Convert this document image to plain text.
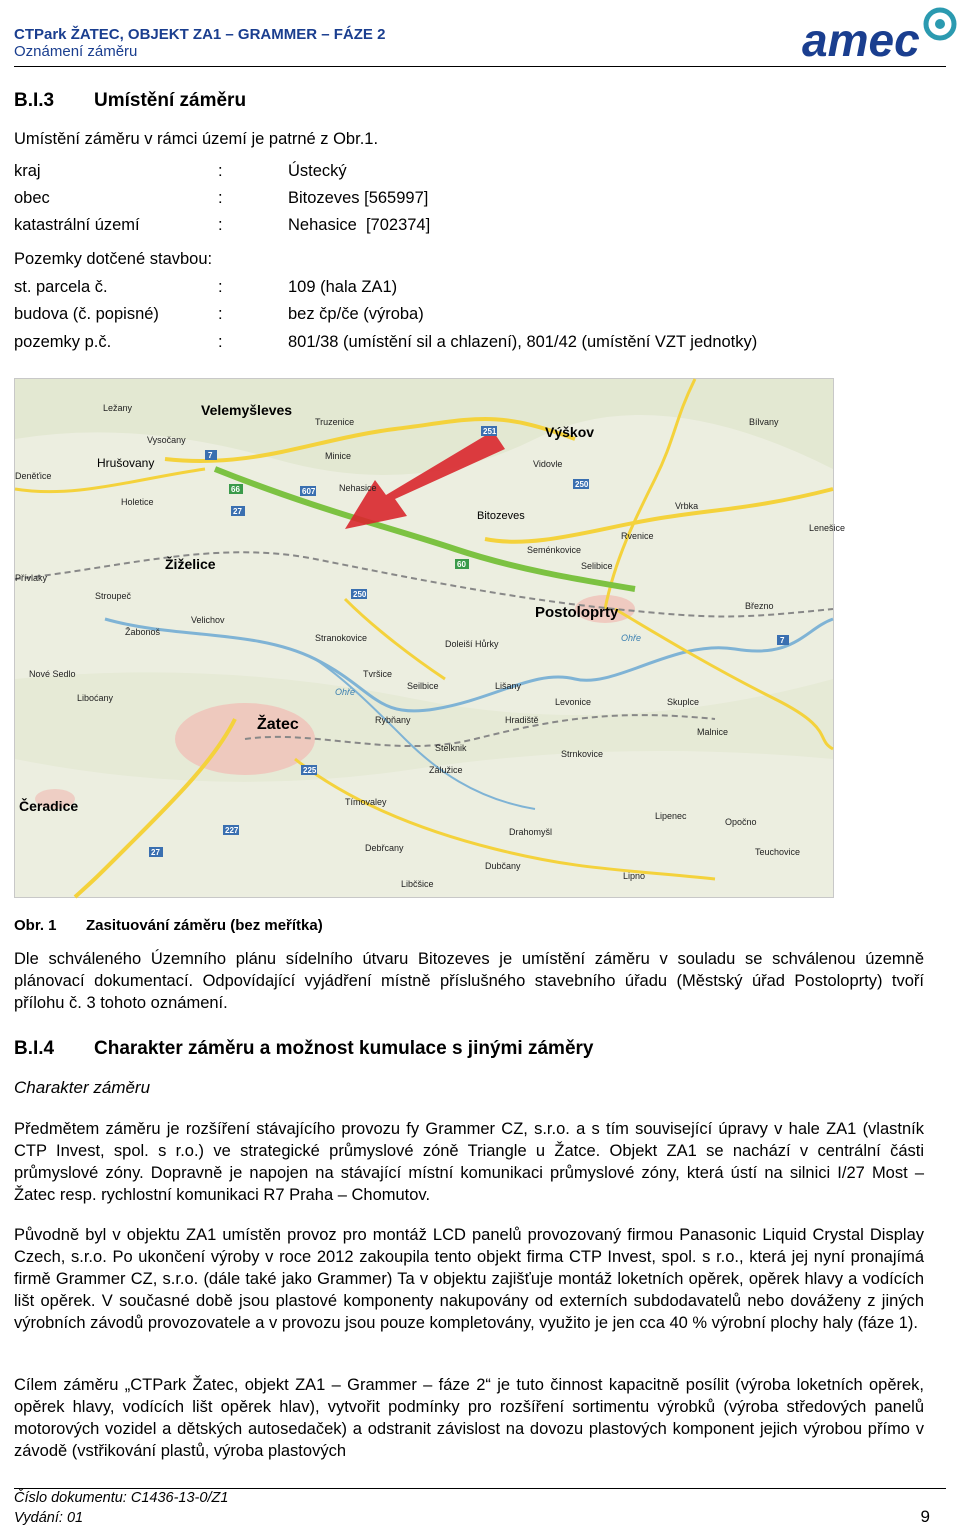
CTPark ŽATEC, OBJEKT ZA1 – GRAMMER – FÁZE 2
Oznámení záměru	amec
B.I.3 Umístění záměru
Umístění záměru v rámci území je patrné z Obr.1.
kraj	:	Ústecký
obec	:	Bitozeves [565997]
katastrální území	:	Nehasice  [702374]
Pozemky dotčené stavbou:
st. parcela č.	:	109 (hala ZA1)
budova (č. popisné)	:	bez čp/če (výroba)
pozemky p.č.	:	801/38 (umístění sil a chlazení), 801/42 (umístění VZT jednotky)
Velemyšleves
Výškov
Žiželice
Postoloprty
Žatec
Čeradice
Hrušovany
Bitozeves
Ležany
Truzenice	Bílvany
Vysočany
Minice
Vidovle
Deněťice
Nehasice
Vrbka
Holetice
Lenešice
Seménkovice
Rvenice
Přívlaky
Selibice
Stroupeč
Velichov
Stranokovice
Březno
Žabonoš
Doleiší Hůrky
Nové Sedlo	Tvršice
Liboćany
Seilbice	Lišany
Levonice	Skuplce
Hradiště
Malnice
Rybňany
Stelknik
Strnkovice
Zálužice
Tímovaley
Lipenec
Opočno
Drahomyšl
Debřcany	Teuchovice
Dubčany
Libčšice
Lipno
251
7
250
66	607
27
60
7
250
225
227
27
Ohře
Ohře
Obr. 1 Zasituování záměru (bez meřítka)
Dle schváleného Územního plánu sídelního útvaru Bitozeves je umístění záměru v souladu se schválenou územně plánovací dokumentací. Odpovídající vyjádření místně příslušného stavebního úřadu (Městský úřad Postoloprty) tvoří přílohu č. 3 tohoto oznámení.
B.I.4 Charakter záměru a možnost kumulace s jinými záměry
Charakter záměru
Předmětem záměru je rozšíření stávajícího provozu fy Grammer CZ, s.r.o. a s tím související úpravy v hale ZA1 (vlastník CTP Invest, spol. s r.o.) ve strategické průmyslové zóně Triangle u Žatce. Objekt ZA1 se nachází v centrální části průmyslové zóny. Dopravně je napojen na stávající místní komunikaci průmyslové zóny, která ústí na silnici I/27 Most – Žatec resp. rychlostní komunikaci R7 Praha – Chomutov.
Původně byl v objektu ZA1 umístěn provoz pro montáž LCD panelů provozovaný firmou Panasonic Liquid Crystal Display Czech, s.r.o. Po ukončení výroby v roce 2012 zakoupila tento objekt firma CTP Invest, spol. s r.o., která jej nyní pronajímá firmě Grammer CZ, s.r.o. (dále také jako Grammer) Ta v objektu zajišťuje montáž loketních opěrek, opěrek hlavy a vodících lišt opěrek. V současné době jsou plastové komponenty nakupovány od externích subdodavatelů nebo dováženy z jiných výrobních závodů provozovatele a v provozu jsou pouze kompletovány, využito je jen cca 40 % výrobní plochy haly (fáze 1).
Cílem záměru „CTPark Žatec, objekt ZA1 – Grammer – fáze 2“ je tuto činnost kapacitně posílit (výroba loketních opěrek, opěrek hlavy, vodících lišt opěrek hlav), vytvořit podmínky pro rozšíření sortimentu výrobků (výroba středových panelů motorových vozidel a dětských autosedaček) a odstranit závislost na dovozu plastových komponent jejich výrobou přímo v závodě (vstřikování plastů, výroba plastových
Číslo dokumentu: C1436-13-0/Z1
Vydání: 01	9
